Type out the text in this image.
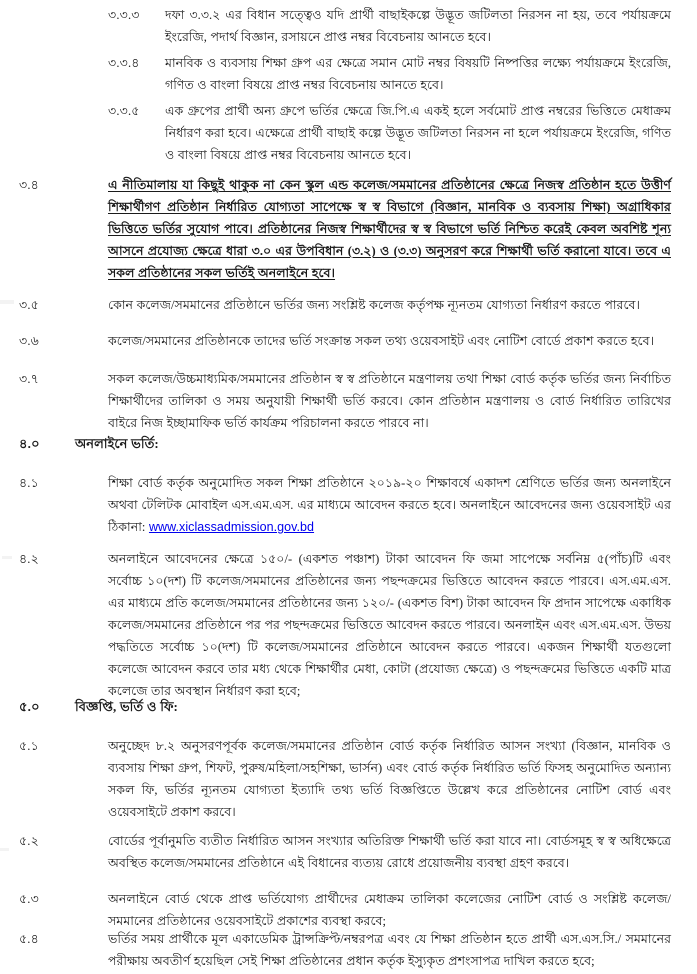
৩.৩.৩	দফা ৩.৩.২ এর বিধান সত্ত্বেও যদি প্রার্থী বাছাইকল্পে উদ্ভূত জটিলতা নিরসন না হয়, তবে পর্যায়ক্রমে ইংরেজি, পদার্থ বিজ্ঞান, রসায়নে প্রাপ্ত নম্বর বিবেচনায় আনতে হবে।
৩.৩.৪	মানবিক ও ব্যবসায় শিক্ষা গ্রুপ এর ক্ষেত্রে সমান মোট নম্বর বিষয়টি নিষ্পত্তির লক্ষ্যে পর্যায়ক্রমে ইংরেজি, গণিত ও বাংলা বিষয়ে প্রাপ্ত নম্বর বিবেচনায় আনতে হবে।
৩.৩.৫	এক গ্রুপের প্রার্থী অন্য গ্রুপে ভর্তির ক্ষেত্রে জি.পি.এ একই হলে সর্বমোট প্রাপ্ত নম্বরের ভিত্তিতে মেধাক্রম নির্ধারণ করা হবে। এক্ষেত্রে প্রার্থী বাছাই কল্পে উদ্ভূত জটিলতা নিরসন না হলে পর্যায়ক্রমে ইংরেজি, গণিত ও বাংলা বিষয়ে প্রাপ্ত নম্বর বিবেচনায় আনতে হবে।
৩.৪	এ নীতিমালায় যা কিছুই থাকুক না কেন স্কুল এন্ড কলেজ/সমমানের প্রতিষ্ঠানের ক্ষেত্রে নিজস্ব প্রতিষ্ঠান হতে উত্তীর্ণ শিক্ষার্থীগণ প্রতিষ্ঠান নির্ধারিত যোগ্যতা সাপেক্ষে স্ব স্ব বিভাগে (বিজ্ঞান, মানবিক ও ব্যবসায় শিক্ষা) অগ্রাধিকার ভিত্তিতে ভর্তির সুযোগ পাবে। প্রতিষ্ঠানের নিজস্ব শিক্ষার্থীদের স্ব স্ব বিভাগে ভর্তি নিশ্চিত করেই কেবল অবশিষ্ট শূন্য আসনে প্রযোজ্য ক্ষেত্রে ধারা ৩.০ এর উপবিধান (৩.২) ও (৩.৩) অনুসরণ করে শিক্ষার্থী ভর্তি করানো যাবে। তবে এ সকল প্রতিষ্ঠানের সকল ভর্তিই অনলাইনে হবে।
৩.৫	কোন কলেজ/সমমানের প্রতিষ্ঠানে ভর্তির জন্য সংশ্লিষ্ট কলেজ কর্তৃপক্ষ ন্যূনতম যোগ্যতা নির্ধারণ করতে পারবে।
৩.৬	কলেজ/সমমানের প্রতিষ্ঠানকে তাদের ভর্তি সংক্রান্ত সকল তথ্য ওয়েবসাইট এবং নোটিশ বোর্ডে প্রকাশ করতে হবে।
৩.৭	সকল কলেজ/উচ্চমাধ্যমিক/সমমানের প্রতিষ্ঠান স্ব স্ব প্রতিষ্ঠানে মন্ত্রণালয় তথা শিক্ষা বোর্ড কর্তৃক ভর্তির জন্য নির্বাচিত শিক্ষার্থীদের তালিকা ও সময় অনুযায়ী শিক্ষার্থী ভর্তি করবে। কোন প্রতিষ্ঠান মন্ত্রণালয় ও বোর্ড নির্ধারিত তারিখের বাইরে নিজ ইচ্ছামাফিক ভর্তি কার্যক্রম পরিচালনা করতে পারবে না।
৪.০	অনলাইনে ভর্তি:
৪.১	শিক্ষা বোর্ড কর্তৃক অনুমোদিত সকল শিক্ষা প্রতিষ্ঠানে ২০১৯-২০ শিক্ষাবর্ষে একাদশ শ্রেণিতে ভর্তির জন্য অনলাইনে অথবা টেলিটক মোবাইল এস.এম.এস. এর মাধ্যমে আবেদন করতে হবে। অনলাইনে আবেদনের জন্য ওয়েবসাইট এর ঠিকানা: www.xiclassadmission.gov.bd
৪.২	অনলাইনে আবেদনের ক্ষেত্রে ১৫০/- (একশত পঞ্চাশ) টাকা আবেদন ফি জমা সাপেক্ষে সর্বনিম্ন ৫(পাঁচ)টি এবং সর্বোচ্চ ১০(দশ) টি কলেজ/সমমানের প্রতিষ্ঠানের জন্য পছন্দক্রমের ভিত্তিতে আবেদন করতে পারবে। এস.এম.এস. এর মাধ্যমে প্রতি কলেজ/সমমানের প্রতিষ্ঠানের জন্য ১২০/- (একশত বিশ) টাকা আবেদন ফি প্রদান সাপেক্ষে একাধিক কলেজ/সমমানের প্রতিষ্ঠানে পর পর পছন্দক্রমের ভিত্তিতে আবেদন করতে পারবে। অনলাইন এবং এস.এম.এস. উভয় পদ্ধতিতে সর্বোচ্চ ১০(দশ) টি কলেজ/সমমানের প্রতিষ্ঠানে আবেদন করতে পারবে। একজন শিক্ষার্থী যতগুলো কলেজে আবেদন করবে তার মধ্য থেকে শিক্ষার্থীর মেধা, কোটা (প্রযোজ্য ক্ষেত্রে) ও পছন্দক্রমের ভিত্তিতে একটি মাত্র কলেজে তার অবস্থান নির্ধারণ করা হবে;
৫.০	বিজ্ঞপ্তি, ভর্তি ও ফি:
৫.১	অনুচ্ছেদ ৮.২ অনুসরণপূর্বক কলেজ/সমমানের প্রতিষ্ঠান বোর্ড কর্তৃক নির্ধারিত আসন সংখ্যা (বিজ্ঞান, মানবিক ও ব্যবসায় শিক্ষা গ্রুপ, শিফট, পুরুষ/মহিলা/সহশিক্ষা, ভার্সন) এবং বোর্ড কর্তৃক নির্ধারিত ভর্তি ফিসহ অনুমোদিত অন্যান্য সকল ফি, ভর্তির ন্যূনতম যোগ্যতা ইত্যাদি তথ্য ভর্তি বিজ্ঞপ্তিতে উল্লেখ করে প্রতিষ্ঠানের নোটিশ বোর্ড এবং ওয়েবসাইটে প্রকাশ করবে।
৫.২	বোর্ডের পূর্বানুমতি ব্যতীত নির্ধারিত আসন সংখ্যার অতিরিক্ত শিক্ষার্থী ভর্তি করা যাবে না। বোর্ডসমূহ স্ব স্ব অধিক্ষেত্রে অবস্থিত কলেজ/সমমানের প্রতিষ্ঠানে এই বিধানের ব্যত্যয় রোধে প্রয়োজনীয় ব্যবস্থা গ্রহণ করবে।
৫.৩	অনলাইনে বোর্ড থেকে প্রাপ্ত ভর্তিযোগ্য প্রার্থীদের মেধাক্রম তালিকা কলেজের নোটিশ বোর্ড ও সংশ্লিষ্ট কলেজ/ সমমানের প্রতিষ্ঠানের ওয়েবসাইটে প্রকাশের ব্যবস্থা করবে;
৫.৪	ভর্তির সময় প্রার্থীকে মূল একাডেমিক ট্রান্সক্রিপ্ট/নম্বরপত্র এবং যে শিক্ষা প্রতিষ্ঠান হতে প্রার্থী এস.এস.সি./ সমমানের পরীক্ষায় অবতীর্ণ হয়েছিল সেই শিক্ষা প্রতিষ্ঠানের প্রধান কর্তৃক ইস্যুকৃত প্রশংসাপত্র দাখিল করতে হবে;
